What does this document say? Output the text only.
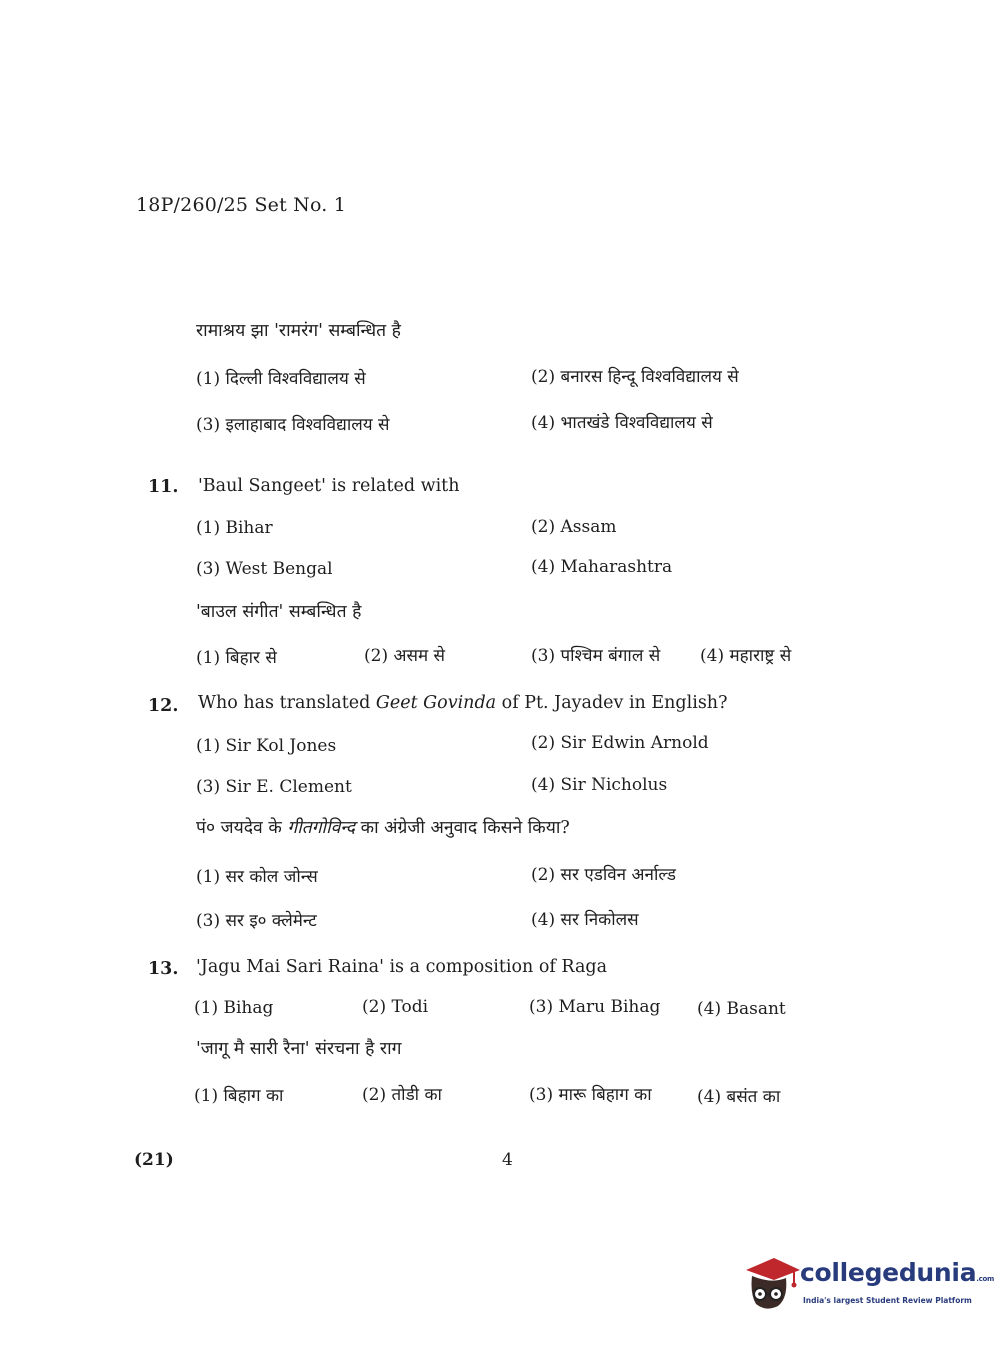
18P/260/25 Set No. 1
रामाश्रय झा 'रामरंग' सम्बन्धित है
(1) दिल्ली विश्वविद्यालय से	(2) बनारस हिन्दू विश्वविद्यालय से
(3) इलाहाबाद विश्वविद्यालय से	(4) भातखंडे विश्वविद्यालय से
11. 'Baul Sangeet' is related with
(1) Bihar	(2) Assam
(3) West Bengal	(4) Maharashtra
'बाउल संगीत' सम्बन्धित है
(1) बिहार से	(2) असम से	(3) पश्चिम बंगाल से (4) महाराष्ट्र से
12. Who has translated Geet Govinda of Pt. Jayadev in English?
(1) Sir Kol Jones	(2) Sir Edwin Arnold
(3) Sir E. Clement	(4) Sir Nicholus
पं० जयदेव के गीतगोविन्द का अंग्रेजी अनुवाद किसने किया?
(1) सर कोल जोन्स	(2) सर एडविन अर्नाल्ड
(3) सर इ० क्लेमेन्ट	(4) सर निकोलस
13. 'Jagu Mai Sari Raina' is a composition of Raga
(1) Bihag	(2) Todi	(3) Maru Bihag (4) Basant
'जागू मै सारी रैना' संरचना है राग
(1) बिहाग का	(2) तोडी का	(3) मारू बिहाग का	(4) बसंत का
(21)	4
collegedunia.com
India's largest Student Review Platform
